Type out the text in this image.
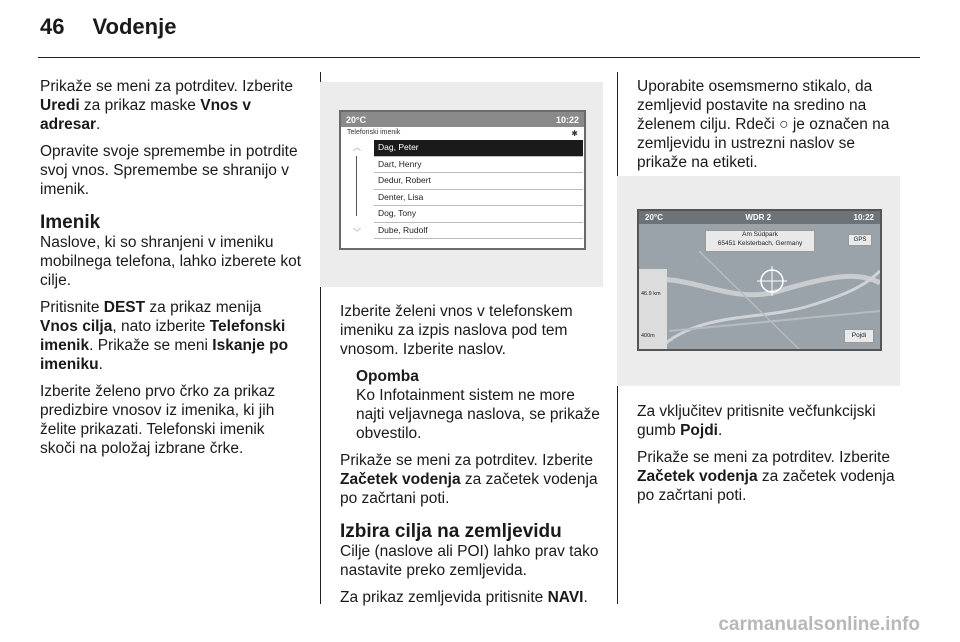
46 Vodenje

Prikaže se meni za potrditev. Izberite Uredi za prikaz maske Vnos v adresar.

Opravite svoje spremembe in potrdite svoj vnos. Spremembe se shranijo v imenik.

Imenik

Naslove, ki so shranjeni v imeniku mobilnega telefona, lahko izberete kot cilje.

Pritisnite DEST za prikaz menija Vnos cilja, nato izberite Telefonski imenik. Prikaže se meni Iskanje po imeniku.

Izberite želeno prvo črko za prikaz predizbire vnosov iz imenika, ki jih želite prikazati. Telefonski imenik skoči na položaj izbrane črke.

20°C	10:22
Telefonski imenik	✱
︿
﹀
Dag, Peter
Dart, Henry
Dedur, Robert
Denter, Lisa
Dog, Tony
Dube, Rudolf

Izberite želeni vnos v telefonskem imeniku za izpis naslova pod tem vnosom. Izberite naslov.

Opomba
Ko Infotainment sistem ne more najti veljavnega naslova, se prikaže obvestilo.

Prikaže se meni za potrditev. Izberite Začetek vodenja za začetek vodenja po začrtani poti.

Izbira cilja na zemljevidu

Cilje (naslove ali POI) lahko prav tako nastavite preko zemljevida.

Za prikaz zemljevida pritisnite NAVI.

Uporabite osemsmerno stikalo, da zemljevid postavite na sredino na želenem cilju. Rdeči ○ je označen na zemljevidu in ustrezni naslov se prikaže na etiketi.

20°C	WDR 2	10:22
Am Südpark
65451 Kelsterbach, Germany	GPS
46.9 km
400m	Pojdi

Za vključitev pritisnite večfunkcijski gumb Pojdi.

Prikaže se meni za potrditev. Izberite Začetek vodenja za začetek vodenja po začrtani poti.

carmanualsonline.info
